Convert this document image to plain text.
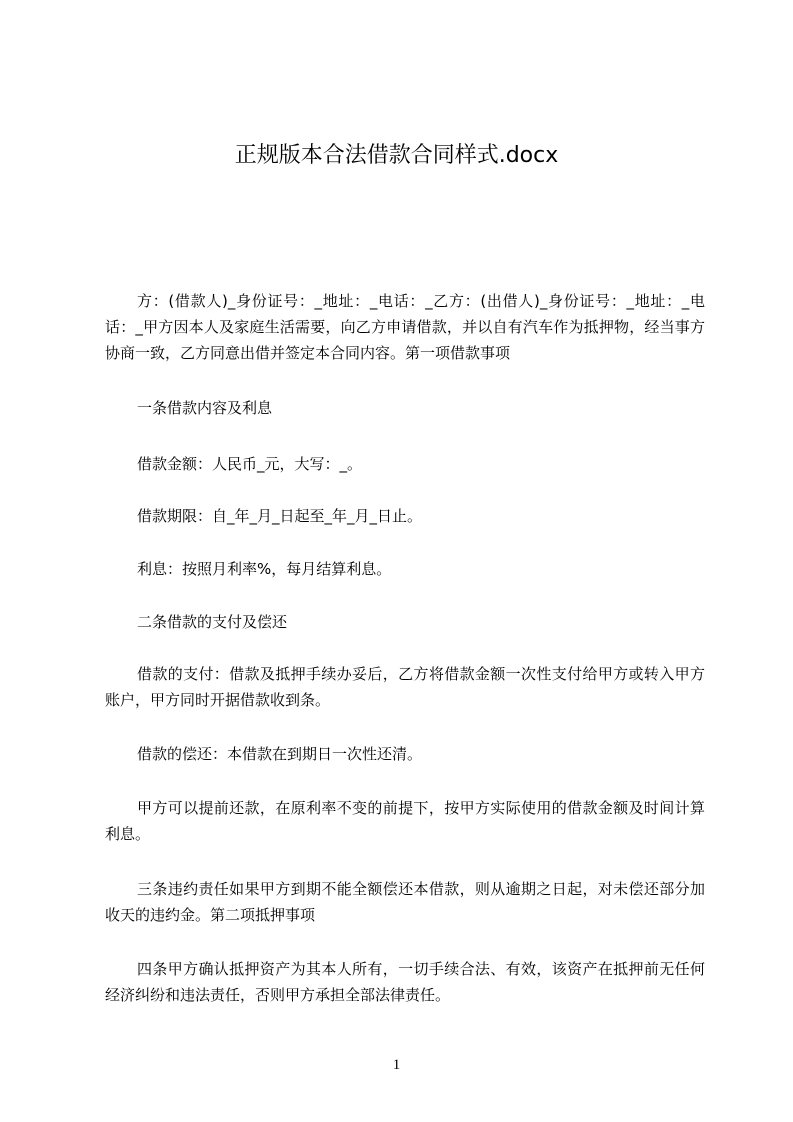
正规版本合法借款合同样式.docx

方：(借款人)_身份证号：_地址：_电话：_乙方：(出借人)_身份证号：_地址：_电话：_甲方因本人及家庭生活需要，向乙方申请借款，并以自有汽车作为抵押物，经当事方协商一致，乙方同意出借并签定本合同内容。第一项借款事项

一条借款内容及利息

借款金额：人民币_元，大写：_。

借款期限：自_年_月_日起至_年_月_日止。

利息：按照月利率%，每月结算利息。

二条借款的支付及偿还

借款的支付：借款及抵押手续办妥后，乙方将借款金额一次性支付给甲方或转入甲方账户，甲方同时开据借款收到条。

借款的偿还：本借款在到期日一次性还清。

甲方可以提前还款，在原利率不变的前提下，按甲方实际使用的借款金额及时间计算利息。

三条违约责任如果甲方到期不能全额偿还本借款，则从逾期之日起，对未偿还部分加收天的违约金。第二项抵押事项

四条甲方确认抵押资产为其本人所有，一切手续合法、有效，该资产在抵押前无任何经济纠纷和违法责任，否则甲方承担全部法律责任。

1
